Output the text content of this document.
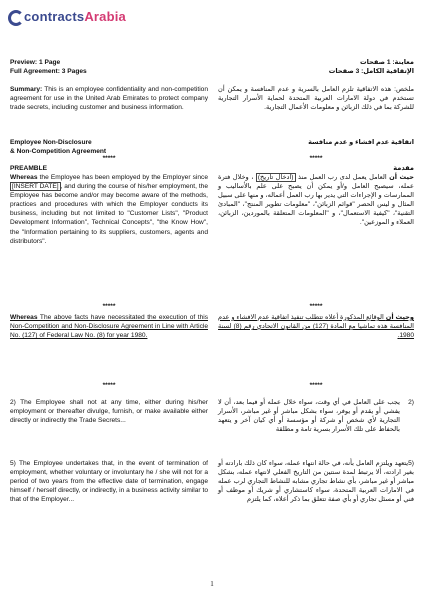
contractsArabia
Preview: 1 Page
Full Agreement: 3 Pages
Summary: This is an employee confidentiality and non-competition agreement for use in the United Arab Emirates to protect company trade secrets, including customer and business information.
Employee Non-Disclosure
& Non-Competition Agreement
*****
PREAMBLE
Whereas the Employee has been employed by the Employer since [INSERT DATE] , and during the course of his/her employment, the Employee has become and/or may become aware of the methods, practices and procedures with which the Employer conducts its business, including but not limited to "Customer Lists", "Product Development Information", Technical Concepts", "the Know How", the "Information pertaining to its suppliers, customers, agents and distributors".
*****
Whereas The above facts have necessitated the execution of this Non-Competition and Non-Disclosure Agreement in Line with Article No. (127) of Federal Law No. (8) for year 1980.
*****
2) The Employee shall not at any time, either during his/her employment or thereafter divulge, furnish, or make available either directly or indirectly the Trade Secrets...
5) The Employee undertakes that, in the event of termination of employment, whether voluntary or involuntary he / she will not for a period of two years from the effective date of termination, engage himself / herself directly, or indirectly, in a business activity similar to that of the Employer...
معاينة: 1 صفحات
الإتفاقية الكامل: 3 صفحات
ملخص: هذه الاتفاقية تلزم العامل بالسرية و عدم المنافسة و يمكن أن تستخدم في دولة الامارات العربية المتحدة لحماية الأسرار التجارية للشركة بما في ذلك الزبائن و معلومات الأعمال التجارية.
اتفاقية عدم افشاء و عدم منافسة
*****
مقدمة
حيث أن العامل يعمل لدى رب العمل منذ (ادخال تاريخ) ، وخلال فترة عمله، سيصبح العامل و/أو يمكن أن يصبح على علم بالأساليب و الممارسات و الإجراءات التي يدير بها رب العمل أعماله، و منها على سبيل المثال و ليس الحصر "قوائم الزبائن"، "معلومات تطوير المنتج"، "المبادئ التقنية"، "كيفية الاستعمال"، و "المعلومات المتعلقة بالموردين، الزبائن، العملاء و الموزعين".
*****
وحيث أن الوقائع المذكورة أعلاه تتطلب تنفيذ اتفاقية عدم الافشاء و عدم المنافسة هذه تماشيا مع المادة (127) من القانون الاتحادي رقم (8) لسنة 1980.
*****
(2
يجب على العامل في أي وقت، سواء خلال عمله أو فيما بعد، أن لا يفشي أو يقدم أو يوفر، سواء بشكل مباشر أو غير مباشر، الأسرار التجارية لأي شخص أو شركة أو مؤسسة أو أي كيان آخر و يتعهد بالحفاظ على تلك الأسرار بسرية تامة و مطلقة
(5يتعهد ويلتزم العامل بأنه، في حالة انتهاء عمله، سواء كان ذلك بارادته أو بغير ارادته، ألا يرتبط لمدة سنتين من التاريخ الفعلي لانتهاء عمله، بشكل مباشر أو غير مباشر، بأي نشاط تجاري مشابه للنشاط التجاري لرب عمله في الامارات العربية المتحدة، سواء كاستشاري أو شريك أو موظف أو فني أو مسئل تجاري أو بأي صفة تتعلق بما ذكر أعلاه، كما يلتزم
1
